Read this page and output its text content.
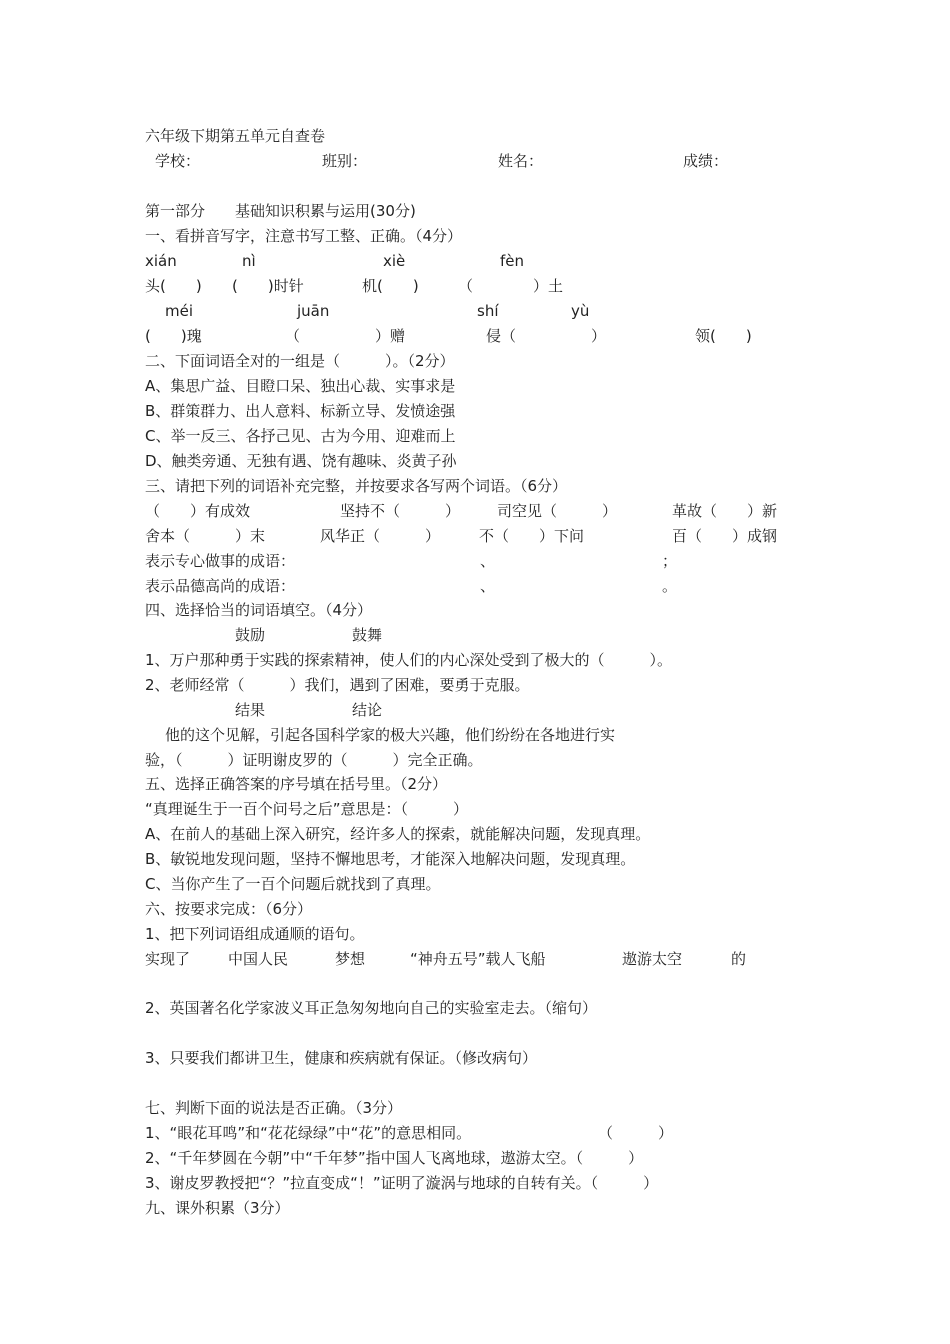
六年级下期第五单元自查卷
学校：	班别：	姓名：	成绩：
第一部分　　基础知识积累与运用(30分)
一、看拼音写字，注意书写工整、正确。（4分）
xián	nì	xiè	fèn
头(　　) (　　)时针	机(　　)	（　　　　）土
méi	juān	shí	yù
(　　)瑰	（　　　　　）赠	侵（　　　　　）	领(　　)
二、下面词语全对的一组是（　　　）。（2分）
A、集思广益、目瞪口呆、独出心裁、实事求是
B、群策群力、出人意料、标新立导、发愤途强
C、举一反三、各抒己见、古为今用、迎难而上
D、触类旁通、无独有遇、饶有趣味、炎黄子孙
三、请把下列的词语补充完整，并按要求各写两个词语。（6分）
（　　）有成效	坚持不（　　　） 司空见（　　　）	革故（　　）新
舍本（　　　）末	风华正（　　　）	不（　　）下问	百（　　）成钢
表示专心做事的成语：	、	；
表示品德高尚的成语：	、	。
四、选择恰当的词语填空。（4分）
鼓励	鼓舞
1、万户那种勇于实践的探索精神，使人们的内心深处受到了极大的（　　　）。
2、老师经常（　　　）我们，遇到了困难，要勇于克服。
结果	结论
他的这个见解，引起各国科学家的极大兴趣，他们纷纷在各地进行实
验，（　　　）证明谢皮罗的（　　　）完全正确。
五、选择正确答案的序号填在括号里。（2分）
“真理诞生于一百个问号之后”意思是：（　　　）
A、在前人的基础上深入研究，经许多人的探索，就能解决问题，发现真理。
B、敏锐地发现问题，坚持不懈地思考，才能深入地解决问题，发现真理。
C、当你产生了一百个问题后就找到了真理。
六、按要求完成：（6分）
1、把下列词语组成通顺的语句。
实现了	中国人民	梦想	“神舟五号”载人飞船	遨游太空	的
2、英国著名化学家波义耳正急匆匆地向自己的实验室走去。（缩句）
3、只要我们都讲卫生，健康和疾病就有保证。（修改病句）
七、判断下面的说法是否正确。（3分）
1、“眼花耳鸣”和“花花绿绿”中“花”的意思相同。	（　　　）
2、“千年梦圆在今朝”中“千年梦”指中国人飞离地球，遨游太空。（　　　）
3、谢皮罗教授把“？”拉直变成“！”证明了漩涡与地球的自转有关。（　　　）
九、课外积累（3分）
